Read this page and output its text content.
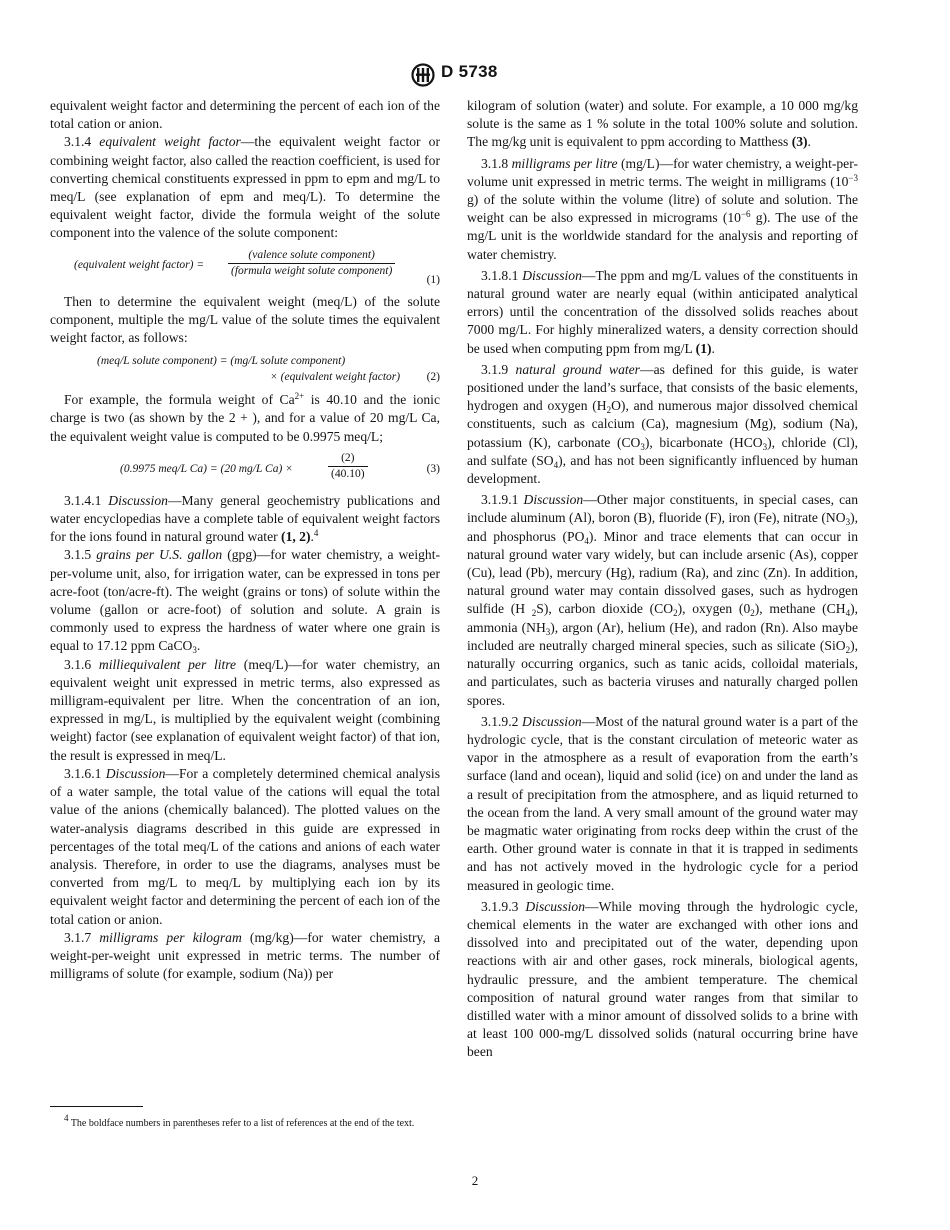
D 5738

equivalent weight factor and determining the percent of each ion of the total cation or anion.

3.1.4 equivalent weight factor—the equivalent weight factor or combining weight factor, also called the reaction coefficient, is used for converting chemical constituents expressed in ppm to epm and mg/L to meq/L (see explanation of epm and meq/L). To determine the equivalent weight factor, divide the formula weight of the solute component into the valence of the solute component:

(equivalent weight factor) =
(valence solute component)
(formula weight solute component)
(1)

Then to determine the equivalent weight (meq/L) of the solute component, multiple the mg/L value of the solute times the equivalent weight factor, as follows:

(meq/L solute component) = (mg/L solute component)
× (equivalent weight factor) (2)

For example, the formula weight of $Ca^{2+}$ is 40.10 and the ionic charge is two (as shown by the 2 + ), and for a value of 20 mg/L Ca, the equivalent weight value is computed to be 0.9975 meq/L;

(0.9975 meq/L Ca) = (20 mg/L Ca) ×	$\frac{(2)}{(40.10)}$	(3)

3.1.4.1 Discussion—Many general geochemistry publications and water encyclopedias have a complete table of equivalent weight factors for the ions found in natural ground water (1, 2).$^4$

3.1.5 grains per U.S. gallon (gpg)—for water chemistry, a weight-per-volume unit, also, for irrigation water, can be expressed in tons per acre-foot (ton/acre-ft). The weight (grains or tons) of solute within the volume (gallon or acre-foot) of solution and solute. A grain is commonly used to express the hardness of water where one grain is equal to 17.12 ppm CaCO$_3$.

3.1.6 milliequivalent per litre (meq/L)—for water chemistry, an equivalent weight unit expressed in metric terms, also expressed as milligram-equivalent per litre. When the concentration of an ion, expressed in mg/L, is multiplied by the equivalent weight (combining weight) factor (see explanation of equivalent weight factor) of that ion, the result is expressed in meq/L.

3.1.6.1 Discussion—For a completely determined chemical analysis of a water sample, the total value of the cations will equal the total value of the anions (chemically balanced). The plotted values on the water-analysis diagrams described in this guide are expressed in percentages of the total meq/L of the cations and anions of each water analysis. Therefore, in order to use the diagrams, analyses must be converted from mg/L to meq/L by multiplying each ion by its equivalent weight factor and determining the percent of each ion of the total cation or anion.

3.1.7 milligrams per kilogram (mg/kg)—for water chemistry, a weight-per-weight unit expressed in metric terms. The number of milligrams of solute (for example, sodium (Na)) per

$^4$ The boldface numbers in parentheses refer to a list of references at the end of the text.

kilogram of solution (water) and solute. For example, a 10 000 mg/kg solute is the same as 1 % solute in the total 100% solute and solution. The mg/kg unit is equivalent to ppm according to Matthess (3).

3.1.8 milligrams per litre (mg/L)—for water chemistry, a weight-per-volume unit expressed in metric terms. The weight in milligrams ($10^{-3}$ g) of the solute within the volume (litre) of solute and solution. The weight can be also expressed in micrograms ($10^{-6}$ g). The use of the mg/L unit is the worldwide standard for the analysis and reporting of water chemistry.

3.1.8.1 Discussion—The ppm and mg/L values of the constituents in natural ground water are nearly equal (within anticipated analytical errors) until the concentration of the dissolved solids reaches about 7000 mg/L. For highly mineralized waters, a density correction should be used when computing ppm from mg/L (1).

3.1.9 natural ground water—as defined for this guide, is water positioned under the land’s surface, that consists of the basic elements, hydrogen and oxygen $(H_2O)$, and numerous major dissolved chemical constituents, such as calcium (Ca), magnesium (Mg), sodium (Na), potassium (K), carbonate $(CO_3)$, bicarbonate $(HCO_3)$, chloride (Cl), and sulfate $(SO_4)$, and has not been significantly influenced by human development.

3.1.9.1 Discussion—Other major constituents, in special cases, can include aluminum (Al), boron (B), fluoride (F), iron (Fe), nitrate $(NO_3)$, and phosphorus $(PO_4)$. Minor and trace elements that can occur in natural ground water vary widely, but can include arsenic (As), copper (Cu), lead (Pb), mercury (Hg), radium (Ra), and zinc (Zn). In addition, natural ground water may contain dissolved gases, such as hydrogen sulfide (H $_2$S), carbon dioxide $(CO_2)$, oxygen $(0_2)$, methane $(CH_4)$, ammonia $(NH_3)$, argon (Ar), helium (He), and radon (Rn). Also maybe included are neutrally charged mineral species, such as silicate (SiO$_2$), naturally occurring organics, such as tanic acids, colloidal materials, and particulates, such as bacteria viruses and naturally charged pollen spores.

3.1.9.2 Discussion—Most of the natural ground water is a part of the hydrologic cycle, that is the constant circulation of meteoric water as vapor in the atmosphere as a result of evaporation from the earth’s surface (land and ocean), liquid and solid (ice) on and under the land as a result of precipitation from the atmosphere, and as liquid returned to the ocean from the land. A very small amount of the ground water may be magmatic water originating from rocks deep within the crust of the earth. Other ground water is connate in that it is trapped in sediments and has not actively moved in the hydrologic cycle for a period measured in geologic time.

3.1.9.3 Discussion—While moving through the hydrologic cycle, chemical elements in the water are exchanged with other ions and dissolved into and precipitated out of the water, depending upon reactions with air and other gases, rock minerals, biological agents, hydraulic pressure, and the ambient temperature. The chemical composition of natural ground water ranges from that similar to distilled water with a minor amount of dissolved solids to a brine with at least 100 000-mg/L dissolved solids (natural occurring brine have been

2
